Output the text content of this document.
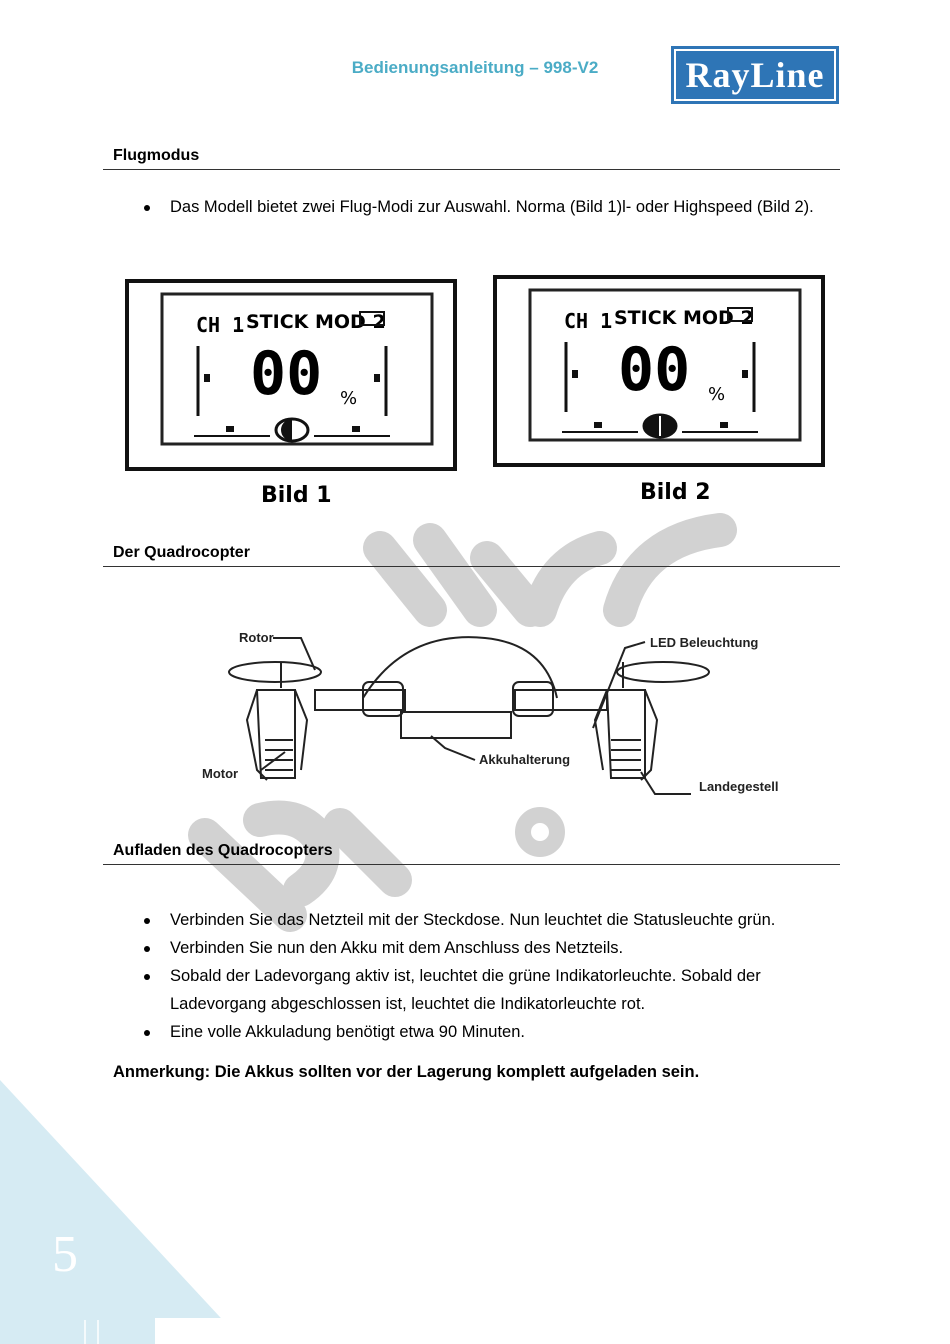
Bedienungsanleitung – 998-V2	RayLine
Flugmodus
Das Modell bietet zwei Flug-Modi zur Auswahl. Norma (Bild 1)l- oder Highspeed (Bild 2).
CH 1 STICK MOD 2
00 %
Bild 1
CH 1 STICK MOD 2
00 %
Bild 2
Der Quadrocopter
Rotor	LED Beleuchtung
Motor
Akkuhalterung
Landegestell
Aufladen des Quadrocopters
Verbinden Sie das Netzteil mit der Steckdose. Nun leuchtet die Statusleuchte grün.
Verbinden Sie nun den Akku mit dem Anschluss des Netzteils.
Sobald der Ladevorgang aktiv ist, leuchtet die grüne Indikatorleuchte. Sobald der Ladevorgang abgeschlossen ist, leuchtet die Indikatorleuchte rot.
Eine volle Akkuladung benötigt etwa 90 Minuten.
Anmerkung: Die Akkus sollten vor der Lagerung komplett aufgeladen sein.
5
